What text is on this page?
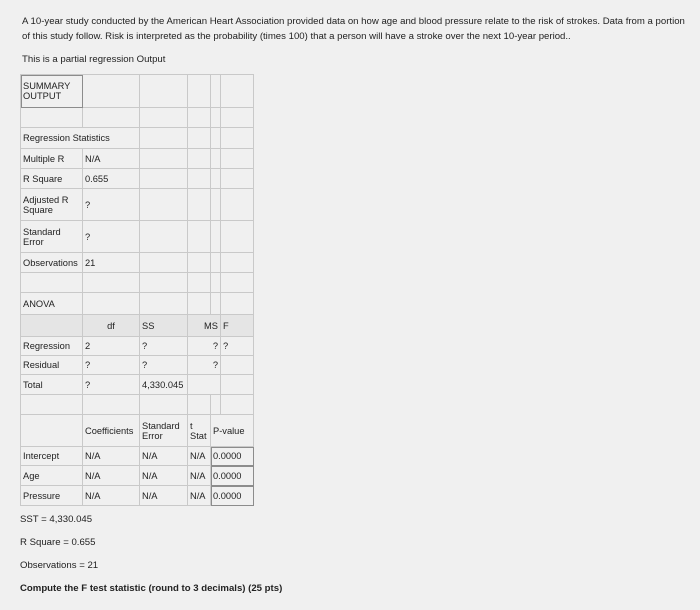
A 10-year study conducted by the American Heart Association provided data on how age and blood pressure relate to the risk of strokes. Data from a portion of this study follow. Risk is interpreted as the probability (times 100) that a person will have a stroke over the next 10-year period..
This is a partial regression Output
SUMMARY OUTPUT					

Regression Statistics					
Multiple R	N/A				
R Square	0.655				
Adjusted R Square	?				
Standard Error	?				
Observations	21				

ANOVA					
	df	SS	MS		F
Regression	2	?	?		?
Residual	?	?	?		
Total	?	4,330.045			

	Coefficients	Standard Error	t Stat	P-value	
Intercept	N/A	N/A	N/A	0.0000	
Age	N/A	N/A	N/A	0.0000	
Pressure	N/A	N/A	N/A	0.0000	
SST = 4,330.045
R Square = 0.655
Observations = 21
Compute the F test statistic (round to 3 decimals) (25 pts)
